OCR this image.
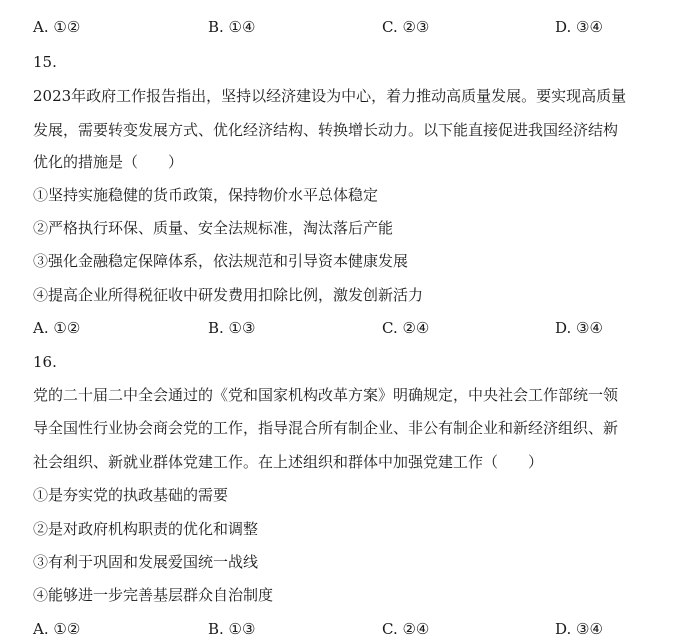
A. ①②	B. ①④	C. ②③	D. ③④
15.
2023年政府工作报告指出，坚持以经济建设为中心，着力推动高质量发展。要实现高质量
发展，需要转变发展方式、优化经济结构、转换增长动力。以下能直接促进我国经济结构
优化的措施是（　　）
①坚持实施稳健的货币政策，保持物价水平总体稳定
②严格执行环保、质量、安全法规标准，淘汰落后产能
③强化金融稳定保障体系，依法规范和引导资本健康发展
④提高企业所得税征收中研发费用扣除比例，激发创新活力
A. ①②	B. ①③	C. ②④	D. ③④
16.
党的二十届二中全会通过的《党和国家机构改革方案》明确规定，中央社会工作部统一领
导全国性行业协会商会党的工作，指导混合所有制企业、非公有制企业和新经济组织、新
社会组织、新就业群体党建工作。在上述组织和群体中加强党建工作（　　）
①是夯实党的执政基础的需要
②是对政府机构职责的优化和调整
③有利于巩固和发展爱国统一战线
④能够进一步完善基层群众自治制度
A. ①②	B. ①③	C. ②④	D. ③④
